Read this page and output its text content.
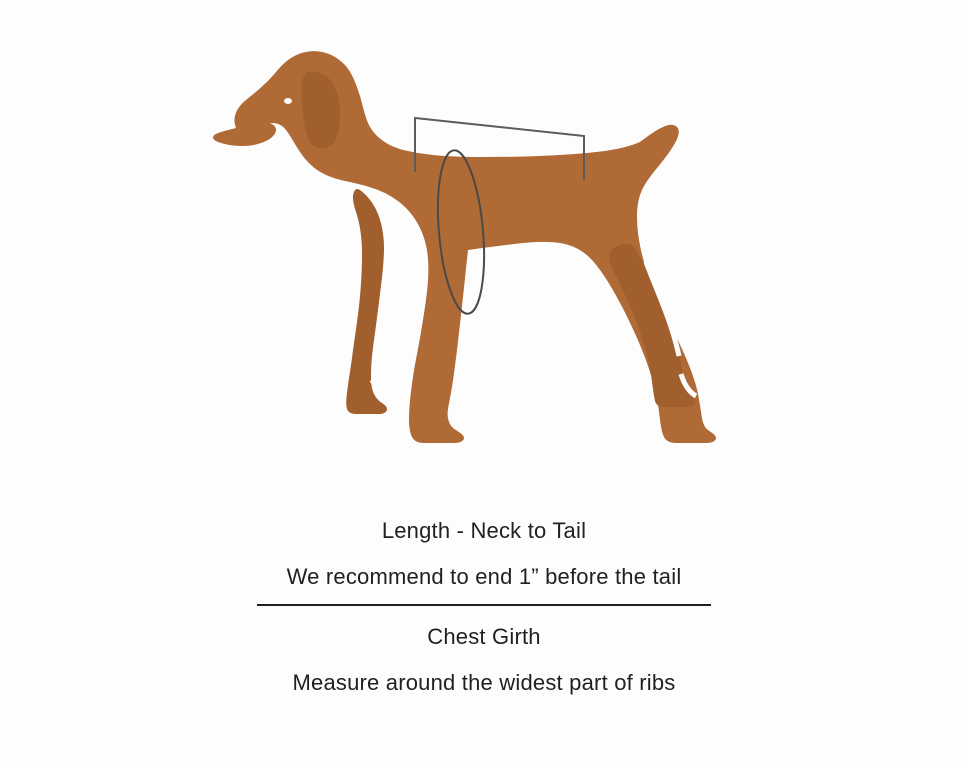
Length - Neck to Tail
We recommend to end 1” before the tail
Chest Girth
Measure around the widest part of ribs
